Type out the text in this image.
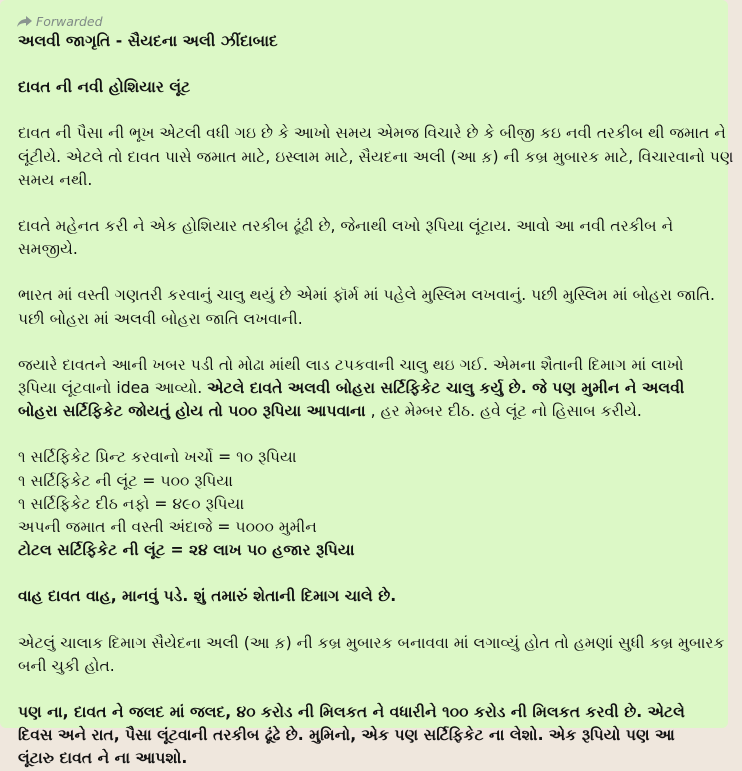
Forwarded

અલવી જાગૃતિ - સૈયદના અલી ઝીંદાબાદ

દાવત ની નવી હોશિયાર લૂંટ

દાવત ની પૈસા ની ભૂખ એટલી વધી ગઇ છે કે આખો સમય એમજ વિચારે છે કે બીજી કઇ નવી તરકીબ થી જમાત ને

લૂંટીયે. એટલે તો દાવત પાસે જમાત માટે, ઇસ્લામ માટે, સૈયદના અલી (આ ક઼) ની કબ્ર મુબારક માટે, વિચારવાનો પણ

સમય નથી.

દાવતે મહેનત કરી ને એક હોશિયાર તરકીબ ઢૂંઢી છે, જેનાથી લખો રૂપિયા લૂંટાય. આવો આ નવી તરકીબ ને

સમજીયે.

ભારત માં વસ્તી ગણતરી કરવાનું ચાલુ થયું છે એમાં ફૉર્મ માં પહેલે મુસ્લિમ લખવાનું. પછી મુસ્લિમ માં બોહરા જાતિ.

પછી બોહરા માં અલવી બોહરા જાતિ લખવાની.

જયારે દાવતને આની ખબર પડી તો મોઢા માંથી લાડ ટપકવાની ચાલુ થઇ ગઈ. એમના શૈતાની દિમાગ માં લાખો

રૂપિયા લૂંટવાનો idea આવ્યો. એટલે દાવતે અલવી બોહરા સર્ટિફિકેટ ચાલુ કર્યુ છે. જે પણ મુમીન ને અલવી

બોહરા સર્ટિફિકેટ જોયતું હોય તો ૫૦૦ રૂપિયા આપવાના , હર મેમ્બર દીઠ. હવે લૂંટ નો હિસાબ કરીયે.

૧ સર્ટિફિકેટ પ્રિન્ટ કરવાનો ખર્ચો = ૧૦ રૂપિયા

૧ સર્ટિફિકેટ ની લૂંટ = ૫૦૦ રૂપિયા

૧ સર્ટિફિકેટ દીઠ નફો = ૪૯૦ રૂપિયા

અપની જમાત ની વસ્તી અંદાજે = ૫૦૦૦ મુમીન

ટોટલ સર્ટિફિકેટ ની લૂંટ = ૨૪ લાખ ૫૦ હજાર રૂપિયા

વાહ દાવત વાહ, માનવું પડે. શું તમારું શેતાની દિમાગ ચાલે છે.

એટલું ચાલાક દિમાગ સૈયેદના અલી (આ ક઼) ની કબ્ર મુબારક બનાવવા માં લગાવ્યું હોત તો હમણાં સુધી કબ્ર મુબારક

બની ચુકી હોત.

પણ ના, દાવત ને જલદ માં જલદ, ૪૦ કરોડ ની મિલકત ને વધારીને ૧૦૦ કરોડ ની મિલકત કરવી છે. એટલે

દિવસ અને રાત, પૈસા લૂંટવાની તરકીબ ઢૂંઢે છે. મુમિનો, એક પણ સર્ટિફિકેટ ના લેશો. એક રૂપિયો પણ આ

લૂંટારુ દાવત ને ના આપશો.
